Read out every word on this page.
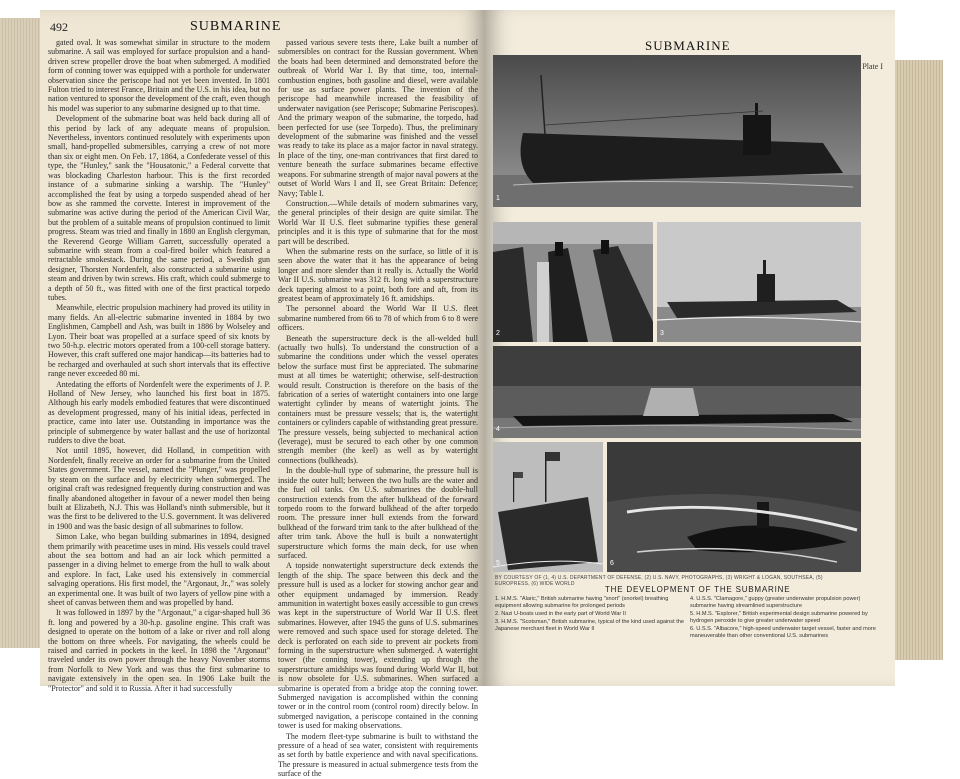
492	SUBMARINE

gated oval. It was somewhat similar in structure to the modern submarine. A sail was employed for surface propulsion and a hand-driven screw propeller drove the boat when submerged. A modified form of conning tower was equipped with a porthole for underwater observation since the periscope had not yet been invented. In 1801 Fulton tried to interest France, Britain and the U.S. in his idea, but no nation ventured to sponsor the development of the craft, even though his model was superior to any submarine designed up to that time.

Development of the submarine boat was held back during all of this period by lack of any adequate means of propulsion. Nevertheless, inventors continued resolutely with experiments upon small, hand-propelled submersibles, carrying a crew of not more than six or eight men. On Feb. 17, 1864, a Confederate vessel of this type, the "Hunley," sank the "Housatonic," a Federal corvette that was blockading Charleston harbour. This is the first recorded instance of a submarine sinking a warship. The "Hunley" accomplished the feat by using a torpedo suspended ahead of her bow as she rammed the corvette. Interest in improvement of the submarine was active during the period of the American Civil War, but the problem of a suitable means of propulsion continued to limit progress. Steam was tried and finally in 1880 an English clergyman, the Reverend George William Garrett, successfully operated a submarine with steam from a coal-fired boiler which featured a retractable smokestack. During the same period, a Swedish gun designer, Thorsten Nordenfelt, also constructed a submarine using steam and driven by twin screws. His craft, which could submerge to a depth of 50 ft., was fitted with one of the first practical torpedo tubes.

Meanwhile, electric propulsion machinery had proved its utility in many fields. An all-electric submarine invented in 1884 by two Englishmen, Campbell and Ash, was built in 1886 by Wolseley and Lyon. Their boat was propelled at a surface speed of six knots by two 50-h.p. electric motors operated from a 100-cell storage battery. However, this craft suffered one major handicap—its batteries had to be recharged and overhauled at such short intervals that its effective range never exceeded 80 mi.

Antedating the efforts of Nordenfelt were the experiments of J. P. Holland of New Jersey, who launched his first boat in 1875. Although his early models embodied features that were discontinued as development progressed, many of his initial ideas, perfected in practice, came into later use. Outstanding in importance was the principle of submergence by water ballast and the use of horizontal rudders to dive the boat.

Not until 1895, however, did Holland, in competition with Nordenfelt, finally receive an order for a submarine from the United States government. The vessel, named the "Plunger," was propelled by steam on the surface and by electricity when submerged. The original craft was redesigned frequently during construction and was finally abandoned altogether in favour of a newer model then being built at Elizabeth, N.J. This was Holland's ninth submersible, but it was the first to be delivered to the U.S. government. It was delivered in 1900 and was the basic design of all submarines to follow.

Simon Lake, who began building submarines in 1894, designed them primarily with peacetime uses in mind. His vessels could travel about the sea bottom and had an air lock which permitted a passenger in a diving helmet to emerge from the hull to walk about and explore. In fact, Lake used his extensively in commercial salvaging operations. His first model, the "Argonaut, Jr.," was solely an experimental one. It was built of two layers of yellow pine with a sheet of canvas between them and was propelled by hand.

It was followed in 1897 by the "Argonaut," a cigar-shaped hull 36 ft. long and powered by a 30-h.p. gasoline engine. This craft was designed to operate on the bottom of a lake or river and roll along the bottom on three wheels. For navigating, the wheels could be raised and carried in pockets in the keel. In 1898 the "Argonaut" traveled under its own power through the heavy November storms from Norfolk to New York and was thus the first submarine to navigate extensively in the open sea. In 1906 Lake built the "Protector" and sold it to Russia. After it had successfully

passed various severe tests there, Lake built a number of submersibles on contract for the Russian government. When the boats had been determined and demonstrated before the outbreak of World War I. By that time, too, internal-combustion engines, both gasoline and diesel, were available for use as surface power plants. The invention of the periscope had meanwhile increased the feasibility of underwater navigation (see Periscope; Submarine Periscopes). And the primary weapon of the submarine, the torpedo, had been perfected for use (see Torpedo). Thus, the preliminary development of the submarine was finished and the vessel was ready to take its place as a major factor in naval strategy. In place of the tiny, one-man contrivances that first dared to venture beneath the surface submarines became effective weapons. For submarine strength of major naval powers at the outset of World Wars I and II, see Great Britain: Defence; Navy; Table I.

Construction.—While details of modern submarines vary, the general principles of their design are quite similar. The World War II U.S. fleet submarine typifies these general principles and it is this type of submarine that for the most part will be described.

When the submarine rests on the surface, so little of it is seen above the water that it has the appearance of being longer and more slender than it really is. Actually the World War II U.S. submarine was 312 ft. long with a superstructure deck tapering almost to a point, both fore and aft, from its greatest beam of approximately 16 ft. amidships.

The personnel aboard the World War II U.S. fleet submarine numbered from 66 to 78 of which from 6 to 8 were officers.

Beneath the superstructure deck is the all-welded hull (actually two hulls). To understand the construction of a submarine the conditions under which the vessel operates below the surface must first be appreciated. The submarine must at all times be watertight; otherwise, self-destruction would result. Construction is therefore on the basis of the fabrication of a series of watertight containers into one large watertight cylinder by means of watertight joints. The containers must be pressure vessels; that is, the watertight containers or cylinders capable of withstanding great pressure. The pressure vessels, being subjected to mechanical action (leverage), must be secured to each other by one common strength member (the keel) as well as by watertight connections (bulkheads).

In the double-hull type of submarine, the pressure hull is inside the outer hull; between the two hulls are the water and the fuel oil tanks. On U.S. submarines the double-hull construction extends from the after bulkhead of the forward torpedo room to the forward bulkhead of the after torpedo room. The pressure inner hull extends from the forward bulkhead of the forward trim tank to the after bulkhead of the after trim tank. Above the hull is built a nonwatertight superstructure which forms the main deck, for use when surfaced.

A topside nonwatertight superstructure deck extends the length of the ship. The space between this deck and the pressure hull is used as a locker for stowing anchor gear and other equipment undamaged by immersion. Ready ammunition in watertight boxes easily accessible to gun crews was kept in the superstructure of World War II U.S. fleet submarines. However, after 1945 the guns of U.S. submarines were removed and such space used for storage deleted. The deck is perforated on each side to prevent air pockets from forming in the superstructure when submerged. A watertight tower (the conning tower), extending up through the superstructure amidships was found during World War II, but is now obsolete for U.S. submarines. When surfaced a submarine is operated from a bridge atop the conning tower. Submerged navigation is accomplished within the conning tower or in the control room (control room) directly below. In submerged navigation, a periscope contained in the conning tower is used for making observations.

The modern fleet-type submarine is built to withstand the pressure of a head of sea water, consistent with requirements as set forth by battle experience and with naval specifications. The pressure is measured in actual submergence tests from the surface of the

SUBMARINE
Plate I
1
2	3
4
5	6
BY COURTESY OF (1, 4) U.S. DEPARTMENT OF DEFENSE, (2) U.S. NAVY, PHOTOGRAPHS, (3) WRIGHT & LOGAN, SOUTHSEA, (5) EUROPRESS, (6) WIDE WORLD
THE DEVELOPMENT OF THE SUBMARINE
1. H.M.S. "Alaric," British submarine having "snort" (snorkel) breathing equipment allowing submarine for prolonged periods
2. Nazi U-boats used in the early part of World War II
3. H.M.S. "Scotsman," British submarine, typical of the kind used against the Japanese merchant fleet in World War II
4. U.S.S. "Clamagore," guppy (greater underwater propulsion power) submarine having streamlined superstructure
5. H.M.S. "Explorer," British experimental design submarine powered by hydrogen peroxide to give greater underwater speed
6. U.S.S. "Albacore," high-speed underwater target vessel, faster and more maneuverable than other conventional U.S. submarines
